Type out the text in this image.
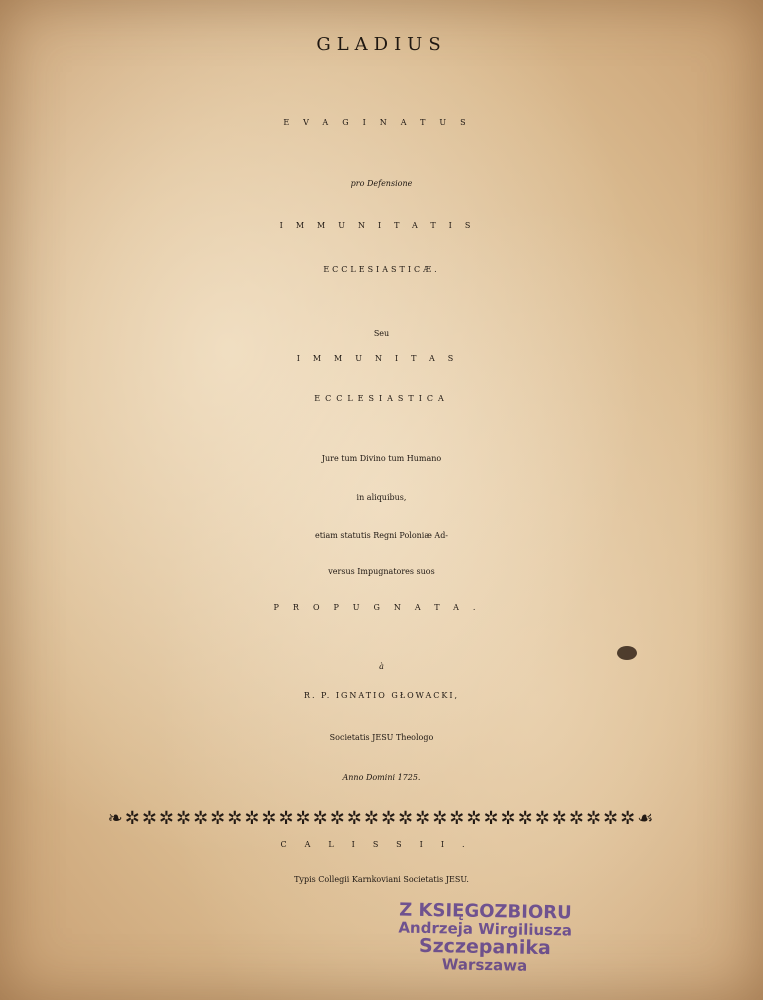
GLADIUS
EVAGINATUS
pro Defensione
IMMUNITATIS
ECCLESIASTICÆ.
Seu
IMMUNITAS
ECCLESIASTICA
Jure tum Divino tum Humano
in aliquibus,
etiam statutis Regni Poloniæ Ad-
versus Impugnatores suos
PROPUGNATA.
à
R. P. IGNATIO GŁOWACKI,
Societatis JESU Theologo
Anno Domini 1725.
❧✲✲✲✲✲✲✲✲✲✲✲✲✲✲✲✲✲✲✲✲✲✲✲✲✲✲✲✲✲✲☙
CALISSII.
Typis Collegii Karnkoviani Societatis JESU.
Z KSIĘGOZBIORU
Andrzeja Wirgiliusza
Szczepanika
Warszawa
